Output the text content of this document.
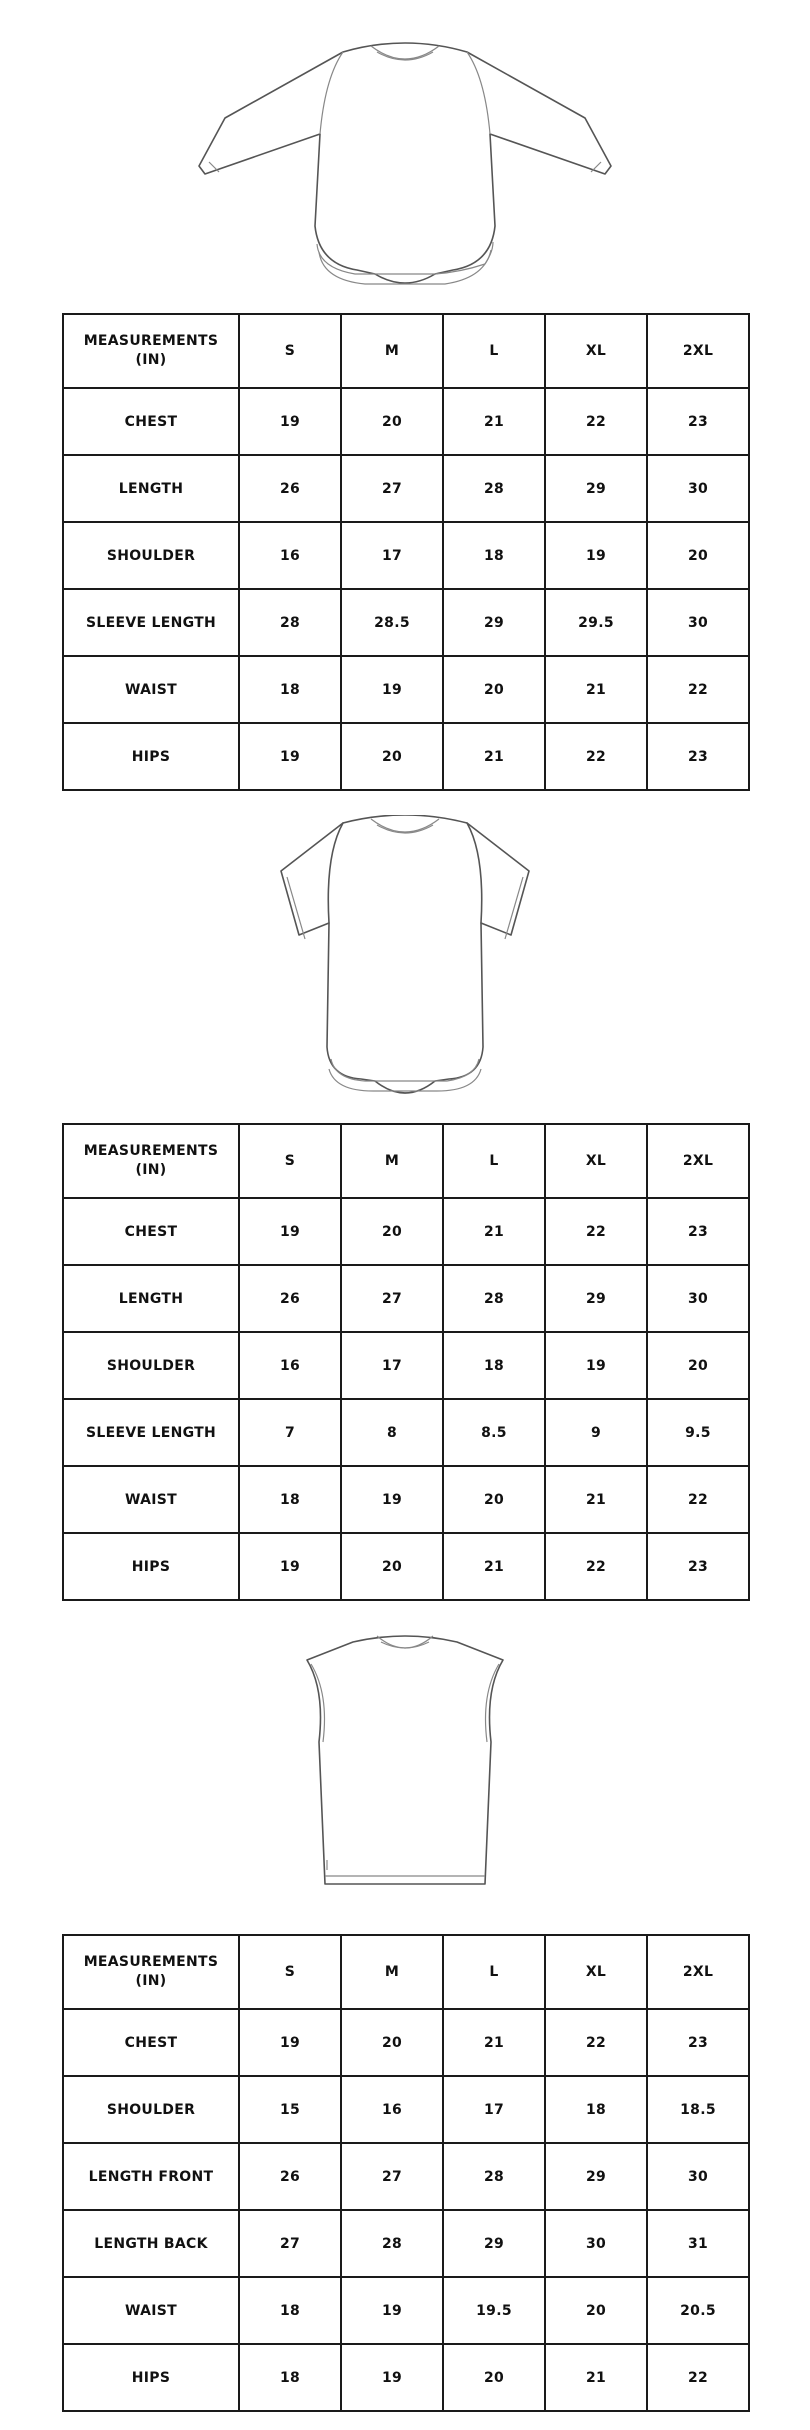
MEASUREMENTS (IN)	S	M	L	XL	2XL
CHEST	19	20	21	22	23
LENGTH	26	27	28	29	30
SHOULDER	16	17	18	19	20
SLEEVE LENGTH	28	28.5	29	29.5	30
WAIST	18	19	20	21	22
HIPS	19	20	21	22	23
MEASUREMENTS (IN)	S	M	L	XL	2XL
CHEST	19	20	21	22	23
LENGTH	26	27	28	29	30
SHOULDER	16	17	18	19	20
SLEEVE LENGTH	7	8	8.5	9	9.5
WAIST	18	19	20	21	22
HIPS	19	20	21	22	23
MEASUREMENTS (IN)	S	M	L	XL	2XL
CHEST	19	20	21	22	23
SHOULDER	15	16	17	18	18.5
LENGTH FRONT	26	27	28	29	30
LENGTH BACK	27	28	29	30	31
WAIST	18	19	19.5	20	20.5
HIPS	18	19	20	21	22
